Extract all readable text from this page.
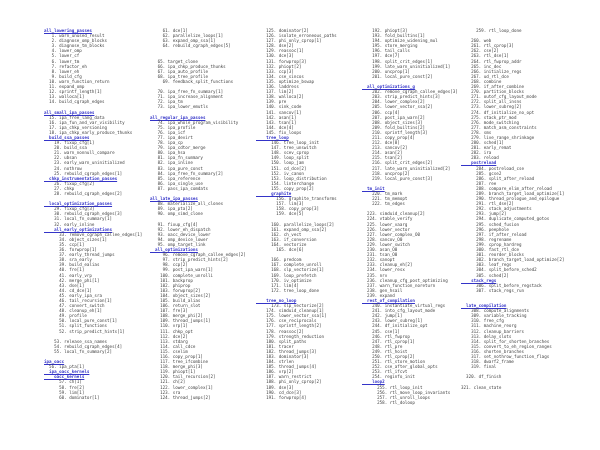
all_lowering_passes
1. warn_unused_result
2. diagnose_omp_blocks
3. diagnose_tm_blocks
4. lower_omp
5. lower_cf
6. lower_tm
7. refactor_eh
8. lower_eh
9. build_cfg
10. warn_function_return
11. expand_omp
12. sprintf_length[1]
13. walloca[1]
14. build_cgraph_edges

all_small_ipa_passes
15. ipa_free_lang_data
16. ipa_fun_and_var_visibility
17. ipa_chkp_versioning
18. ipa_chkp_early_produce_thunks
build_ssa_passes
19. fixup_cfg[1]
20. build_ssa
21. warn_nonnull_compare
22. ubsan
23. early_warn_uninitialized
24. nothrow
25. rebuild_cgraph_edges[1]
chkp_instrumentation_passes
26. fixup_cfg[2]
27. chkp
28. rebuild_cgraph_edges[2]

local_optimization_passes
29. fixup_cfg[3]
30. rebuild_cgraph_edges[3]
31. local_fn_summary[1]
32. early_inline
all_early_optimizations
33. remove_cgraph_callee_edges[1]
34. object_sizes[1]
35. ccp[1]
36. forwprop[1]
37. early_thread_jumps
38. sra_early
39. build_ealias
40. fre[1]
41. early_vrp
42. merge_phi[1]
43. dse[1]
44. cd_dce[1]
45. early_ipa_sra
46. tail_recursion[1]
47. convert_switch
48. cleanup_eh[1]
49. profile
50. local_pure_const[1]
51. split_functions
52. strip_predict_hints[1]

53. release_ssa_names
54. rebuild_cgraph_edges[4]
55. local_fn_summary[2]

ipa_oacc
56. ipa_pta[1]
ipa_oacc_kernels
oacc_kernels
57. ch[1]
58. fre[2]
59. lim[1]
60. dominator[1]
61. dce[1]
62. parallelize_loops[1]
63. expand_omp_ssa[1]
64. rebuild_cgraph_edges[5]

65. target_clone
66. ipa_chkp_produce_thunks
67. ipa_auto_profile
68. ipa_tree_profile
69. feedback_split_functions

70. ipa_free_fn_summary[1]
71. ipa_increase_alignment
72. ipa_tm
73. ipa_lower_emutls

all_regular_ipa_passes
74. ipa_whole_program_visibility
75. ipa_profile
76. ipa_icf
77. ipa_devirt
78. ipa_cp
79. ipa_cdtor_merge
80. ipa_hsa
81. ipa_fn_summary
82. ipa_inline
83. ipa_pure_const
84. ipa_free_fn_summary[2]
85. ipa_reference
86. ipa_single_use
87. pass_ipa_comdats

all_late_ipa_passes
88. materialize_all_clones
89. ipa_pta[2]
90. omp_simd_clone

91. fixup_cfg[4]
92. lower_eh_dispatch
93. oacc_device_lower
94. omp_device_lower
95. omp_target_link
all_optimizations
96. remove_cgraph_callee_edges[2]
97. strip_predict_hints[2]
98. ccp[2]
99. post_ipa_warn[1]
100. complete_unrolli
101. backprop
102. phiprop
103. forwprop[2]
104. object_sizes[2]
105. build_alias
106. return_slot
107. fre[3]
108. merge_phi[2]
109. thread_jumps[1]
110. vrp[1]
111. chkp_opt
112. dce[2]
113. stdarg
114. call_cdce
115. cselim
116. copy_prop[1]
117. tree_ifcombine
118. merge_phi[3]
119. phiopt[1]
120. tail_recursion[2]
121. ch[2]
122. lower_complex[1]
123. sra
124. thread_jumps[2]
125. dominator[2]
126. isolate_erroneous_paths
127. phi_only_cprop[1]
128. dse[2]
129. reassoc[1]
130. dce[3]
131. forwprop[3]
132. phiopt[2]
133. ccp[3]
134. cse_sincos
135. optimize_bswap
136. laddress
137. lim[2]
138. walloca[2]
139. pre
140. sink_code
141. sancov[1]
142. asan[1]
143. tsan[1]
144. dce[4]
145. fix_loops
tree_loop
146. tree_loop_init
147. tree_unswitch
148. scev_cprop
149. loop_split
150. loop_jam
151. cd_dce[2]
152. iv_canon
153. loop_distribution
154. linterchange
155. copy_prop[2]
graphite
156. graphite_transforms
157. lim[3]
158. copy_prop[3]
159. dce[5]

160. parallelize_loops[2]
161. expand_omp_ssa[2]
162. ch_vect
163. if_conversion
164. vectorize
165. dce[6]

166. predcom
167. complete_unroll
168. slp_vectorize[1]
169. loop_prefetch
170. iv_optimize
171. lim[4]
172. tree_loop_done

tree_no_loop
173. slp_vectorize[2]
174. simduid_cleanup[1]
175. lower_vector_ssa[1]
176. cse_reciprocals
177. sprintf_length[2]
178. reassoc[2]
179. strength_reduction
180. split_paths
181. tracer
182. thread_jumps[3]
183. dominator[3]
184. strlen
185. thread_jumps[4]
186. vrp[2]
187. warn_restrict
188. phi_only_cprop[2]
189. dse[3]
190. cd_dce[3]
191. forwprop[4]
192. phiopt[3]
193. fold_builtins[1]
194. optimize_widening_mul
195. store_merging
196. tail_calls
197. dce[7]
198. split_crit_edges[1]
199. late_warn_uninitialized[1]
200. uncprop[1]
201. local_pure_const[2]

all_optimizations_g
202. remove_cgraph_callee_edges[3]
203. strip_predict_hints[3]
204. lower_complex[2]
205. lower_vector_ssa[2]
206. ccp[4]
207. post_ipa_warn[2]
208. object_sizes[3]
209. fold_builtins[2]
210. sprintf_length[3]
211. copy_prop[4]
212. dce[8]
213. sancov[2]
214. asan[2]
215. tsan[2]
216. split_crit_edges[2]
217. late_warn_uninitialized[2]
218. uncprop[2]
219. local_pure_const[3]

tm_init
220. tm_mark
221. tm_memopt
222. tm_edges

223. simduid_cleanup[2]
224. vtable_verify
225. lower_vaarg
226. lower_vector
227. lower_complex_O0
228. sancov_O0
229. lower_switch
230. asan_O0
231. tsan_O0
232. sanopt
233. cleanup_eh[2]
234. lower_resx
235. nrv
236. cleanup_cfg_post_optimizing
237. warn_function_noreturn
238. gen_hsail
239. expand
rest_of_compilation
240. instantiate_virtual_regs
241. into_cfg_layout_mode
242. jump[1]
243. lower_subreg[1]
244. df_initialize_opt
245. cse[1]
246. rtl_fwprop
247. rtl_cprop[1]
248. rtl_pre
249. rtl_hoist
250. rtl_cprop[2]
251. rtl_store_motion
252. cse_after_global_opts
253. rtl_ifcvt
254. reginfo_init
loop2
255. rtl_loop_init
256. rtl_move_loop_invariants
257. rtl_unroll_loops
258. rtl_doloop
259. rtl_loop_done

260. web
261. rtl_cprop[3]
262. cse[2]
263. rtl_dse[1]
264. rtl_fwprop_addr
265. inc_dec
266. initialize_regs
267. ud_rtl_dce
268. combine
269. if_after_combine
270. partition_blocks
271. outof_cfg_layout_mode
272. split_all_insns
273. lower_subreg[2]
274. df_initialize_no_opt
275. stack_ptr_mod
276. mode_switching
277. match_asm_constraints
278. sms
279. live_range_shrinkage
280. sched[1]
281. early_remat
282. ira
283. reload
postreload
284. postreload_cse
285. gcse2
286. split_after_reload
287. ree
288. compare_elim_after_reload
289. branch_target_load_optimize[1]
290. thread_prologue_and_epilogue
291. rtl_dse[2]
292. stack_adjustments
293. jump[2]
294. duplicate_computed_gotos
295. sched_fusion
296. peephole
297. if_after_reload
298. regrename
299. cprop_hardreg
300. fast_rtl_dce
301. reorder_blocks
302. branch_target_load_optimize[2]
303. leaf_regs
304. split_before_sched2
305. sched[2]
stack_regs
306. split_before_regstack
307. stack_regs_run

late_compilation
308. compute_alignments
309. variable_tracking
310. free_cfg
311. machine_reorg
312. cleanup_barriers
313. delay_slots
314. split_for_shorten_branches
315. convert_to_eh_region_ranges
316. shorten_branches
317. set_nothrow_function_flags
318. dwarf2_frame
319. final

320. df_finish

321. clean_state
